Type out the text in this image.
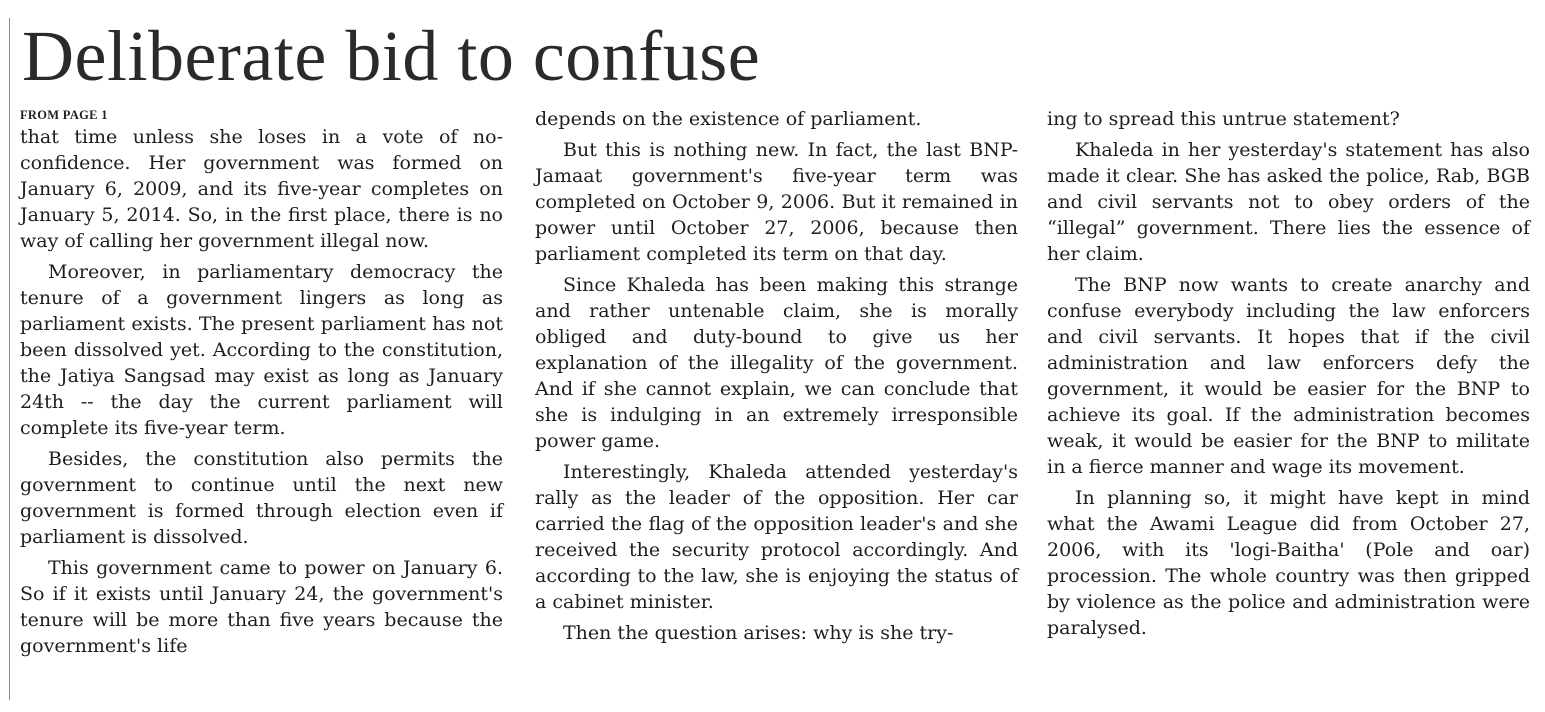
Deliberate bid to confuse
FROM PAGE 1

that time unless she loses in a vote of no-confidence. Her government was formed on January 6, 2009, and its five-year completes on January 5, 2014. So, in the first place, there is no way of calling her government illegal now.

Moreover, in parliamentary democracy the tenure of a government lingers as long as parliament exists. The present parliament has not been dissolved yet. According to the constitution, the Jatiya Sangsad may exist as long as January 24th -- the day the current parliament will complete its five-year term.

Besides, the constitution also permits the government to continue until the next new government is formed through election even if parliament is dissolved.

This government came to power on January 6. So if it exists until January 24, the government's tenure will be more than five years because the government's life

depends on the existence of parliament.

But this is nothing new. In fact, the last BNP-Jamaat government's five-year term was completed on October 9, 2006. But it remained in power until October 27, 2006, because then parliament completed its term on that day.

Since Khaleda has been making this strange and rather untenable claim, she is morally obliged and duty-bound to give us her explanation of the illegality of the government. And if she cannot explain, we can conclude that she is indulging in an extremely irresponsible power game.

Interestingly, Khaleda attended yesterday's rally as the leader of the opposition. Her car carried the flag of the opposition leader's and she received the security protocol accordingly. And according to the law, she is enjoying the status of a cabinet minister.

Then the question arises: why is she try-

ing to spread this untrue statement?

Khaleda in her yesterday's statement has also made it clear. She has asked the police, Rab, BGB and civil servants not to obey orders of the “illegal” government. There lies the essence of her claim.

The BNP now wants to create anarchy and confuse everybody including the law enforcers and civil servants. It hopes that if the civil administration and law enforcers defy the government, it would be easier for the BNP to achieve its goal. If the administration becomes weak, it would be easier for the BNP to militate in a fierce manner and wage its movement.

In planning so, it might have kept in mind what the Awami League did from October 27, 2006, with its 'logi-Baitha' (Pole and oar) procession. The whole country was then gripped by violence as the police and administration were paralysed.
